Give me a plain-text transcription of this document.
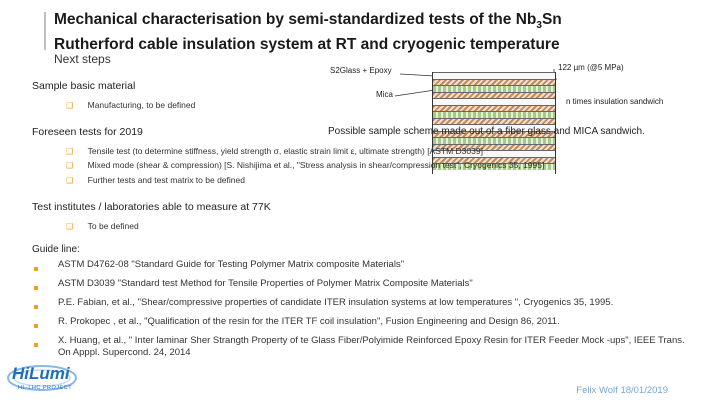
Mechanical characterisation by semi-standardized tests of the $Nb_3Sn$
Rutherford cable insulation system at RT and cryogenic temperature
Next steps
Sample basic material
❑ Manufacturing, to be defined
S2Glass + Epoxy
Mica
122 µm (@5 MPa)
n times insulation sandwich
Possible sample scheme made out of a fiber glass and MICA sandwich.
Foreseen tests for 2019
❑ Tensile test (to determine stiffness, yield strength σ, elastic strain limit ε, ultimate strength) [ASTM D3039]
❑ Mixed mode (shear & compression) [S. Nishijima et al., "Stress analysis in shear/compression test", Cryogenics 35, 1995]
❑ Further tests and test matrix to be defined
Test institutes / laboratories able to measure at 77K
❑ To be defined
Guide line:
ASTM D4762-08 "Standard Guide for Testing Polymer Matrix composite Materials"
ASTM D3039 "Standard test Method for Tensile Properties of Polymer Matrix Composite Materials"
P.E. Fabian, et al., "Shear/compressive properties of candidate ITER insulation systems at low temperatures ", Cryogenics 35, 1995.
R. Prokopec , et al., "Qualification of the resin for the ITER TF coil insulation", Fusion Engineering and Design 86, 2011.
X. Huang, et al., " Inter laminar Sher Strangth Property of te Glass Fiber/Polyimide Reinforced Epoxy Resin for ITER Feeder Mock -ups", IEEE Trans. On Apppl. Supercond. 24, 2014
HiLumi
HL-LHC PROJECT	Felix Wolf 18/01/2019
